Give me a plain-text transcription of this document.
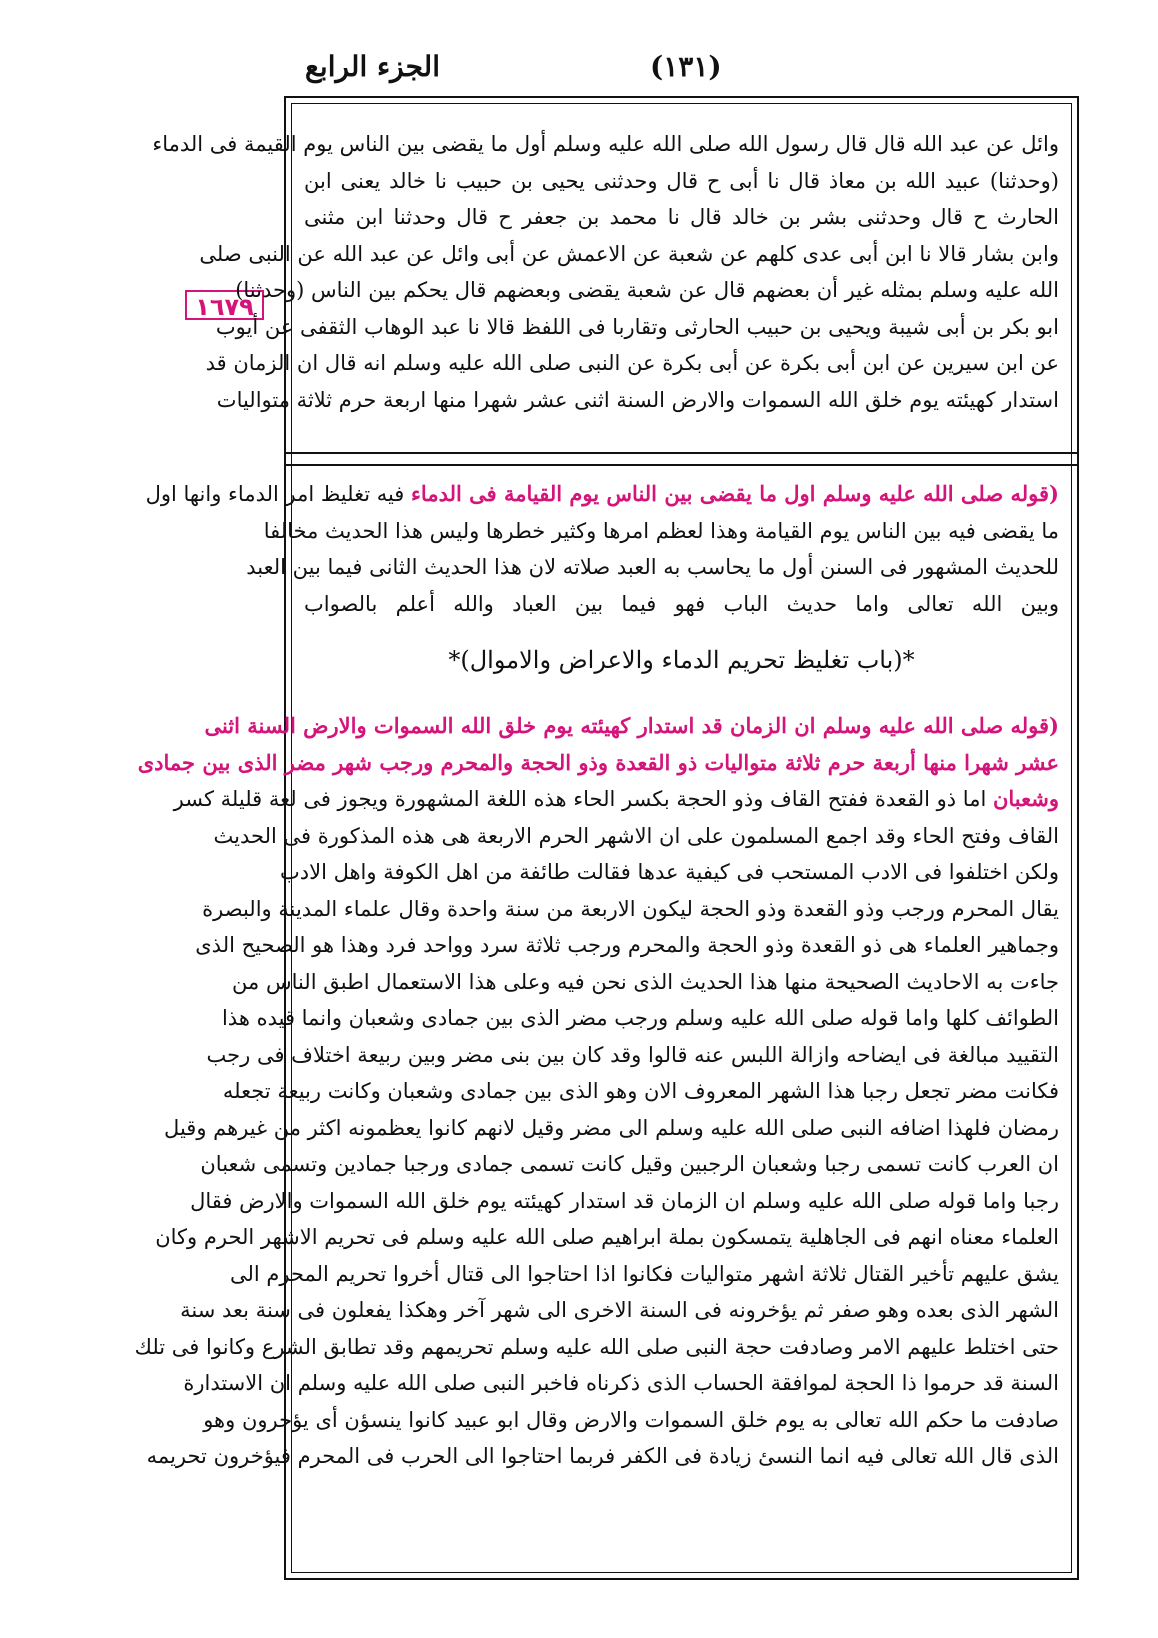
الجزء الرابع	(١٣١)
١٦٧٩
وائل عن عبد الله قال قال رسول الله صلى الله عليه وسلم أول ما يقضى بين الناس يوم القيمة فى الدماء
(وحدثنا) عبيد الله بن معاذ قال نا أبى ح قال وحدثنى يحيى بن حبيب نا خالد يعنى ابن
الحارث ح قال وحدثنى بشر بن خالد قال نا محمد بن جعفر ح قال وحدثنا ابن مثنى
وابن بشار قالا نا ابن أبى عدى كلهم عن شعبة عن الاعمش عن أبى وائل عن عبد الله عن النبى صلى
الله عليه وسلم بمثله غير أن بعضهم قال عن شعبة يقضى وبعضهم قال يحكم بين الناس (وحدثنا)
ابو بكر بن أبى شيبة ويحيى بن حبيب الحارثى وتقاربا فى اللفظ قالا نا عبد الوهاب الثقفى عن أيوب
عن ابن سيرين عن ابن أبى بكرة عن أبى بكرة عن النبى صلى الله عليه وسلم انه قال ان الزمان قد
استدار كهيئته يوم خلق الله السموات والارض السنة اثنى عشر شهرا منها اربعة حرم ثلاثة متواليات
(قوله صلى الله عليه وسلم اول ما يقضى بين الناس يوم القيامة فى الدماء فيه تغليظ امر الدماء وانها اول
ما يقضى فيه بين الناس يوم القيامة وهذا لعظم امرها وكثير خطرها وليس هذا الحديث مخالفا
للحديث المشهور فى السنن أول ما يحاسب به العبد صلاته لان هذا الحديث الثانى فيما بين العبد
وبين الله تعالى واما حديث الباب فهو فيما بين العباد والله أعلم بالصواب
*(باب تغليظ تحريم الدماء والاعراض والاموال)*
(قوله صلى الله عليه وسلم ان الزمان قد استدار كهيئته يوم خلق الله السموات والارض السنة اثنى
عشر شهرا منها أربعة حرم ثلاثة متواليات ذو القعدة وذو الحجة والمحرم ورجب شهر مضر الذى بين جمادى
وشعبان اما ذو القعدة ففتح القاف وذو الحجة بكسر الحاء هذه اللغة المشهورة ويجوز فى لغة قليلة كسر
القاف وفتح الحاء وقد اجمع المسلمون على ان الاشهر الحرم الاربعة هى هذه المذكورة فى الحديث
ولكن اختلفوا فى الادب المستحب فى كيفية عدها فقالت طائفة من اهل الكوفة واهل الادب
يقال المحرم ورجب وذو القعدة وذو الحجة ليكون الاربعة من سنة واحدة وقال علماء المدينة والبصرة
وجماهير العلماء هى ذو القعدة وذو الحجة والمحرم ورجب ثلاثة سرد وواحد فرد وهذا هو الصحيح الذى
جاءت به الاحاديث الصحيحة منها هذا الحديث الذى نحن فيه وعلى هذا الاستعمال اطبق الناس من
الطوائف كلها واما قوله صلى الله عليه وسلم ورجب مضر الذى بين جمادى وشعبان وانما قيده هذا
التقييد مبالغة فى ايضاحه وازالة اللبس عنه قالوا وقد كان بين بنى مضر وبين ربيعة اختلاف فى رجب
فكانت مضر تجعل رجبا هذا الشهر المعروف الان وهو الذى بين جمادى وشعبان وكانت ربيعة تجعله
رمضان فلهذا اضافه النبى صلى الله عليه وسلم الى مضر وقيل لانهم كانوا يعظمونه اكثر من غيرهم وقيل
ان العرب كانت تسمى رجبا وشعبان الرجبين وقيل كانت تسمى جمادى ورجبا جمادين وتسمى شعبان
رجبا واما قوله صلى الله عليه وسلم ان الزمان قد استدار كهيئته يوم خلق الله السموات والارض فقال
العلماء معناه انهم فى الجاهلية يتمسكون بملة ابراهيم صلى الله عليه وسلم فى تحريم الاشهر الحرم وكان
يشق عليهم تأخير القتال ثلاثة اشهر متواليات فكانوا اذا احتاجوا الى قتال أخروا تحريم المحرم الى
الشهر الذى بعده وهو صفر ثم يؤخرونه فى السنة الاخرى الى شهر آخر وهكذا يفعلون فى سنة بعد سنة
حتى اختلط عليهم الامر وصادفت حجة النبى صلى الله عليه وسلم تحريمهم وقد تطابق الشرع وكانوا فى تلك
السنة قد حرموا ذا الحجة لموافقة الحساب الذى ذكرناه فاخبر النبى صلى الله عليه وسلم ان الاستدارة
صادفت ما حكم الله تعالى به يوم خلق السموات والارض وقال ابو عبيد كانوا ينسؤن أى يؤخرون وهو
الذى قال الله تعالى فيه انما النسئ زيادة فى الكفر فربما احتاجوا الى الحرب فى المحرم فيؤخرون تحريمه
